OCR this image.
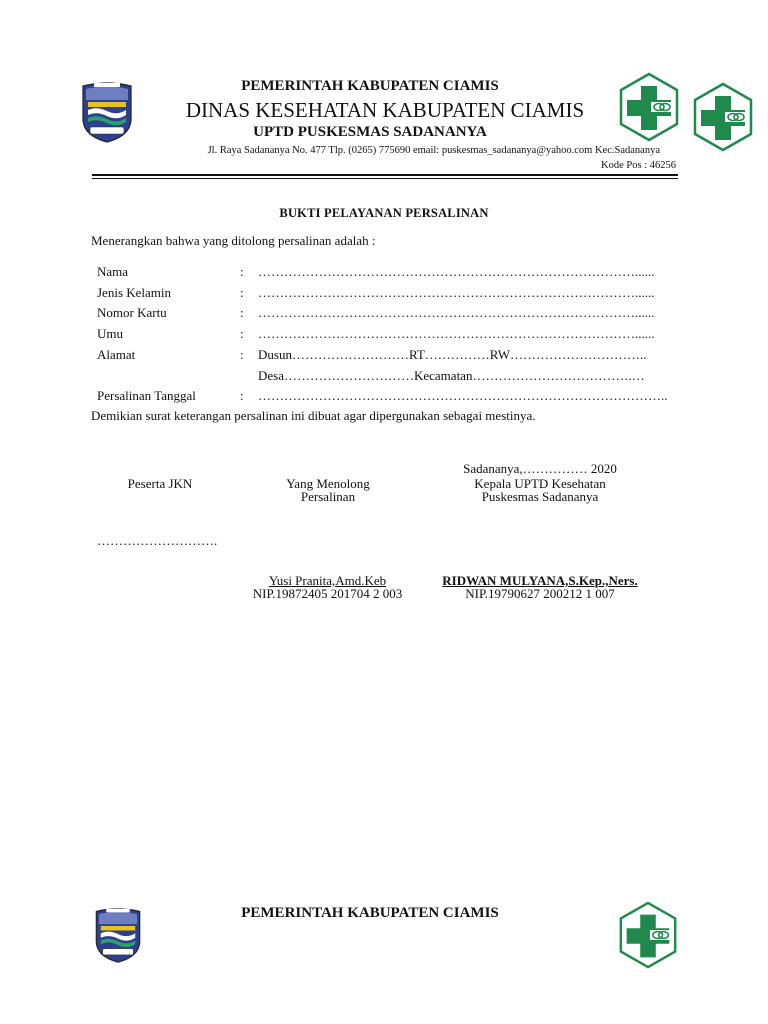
PEMERINTAH KABUPATEN CIAMIS
DINAS KESEHATAN KABUPATEN CIAMIS
UPTD PUSKESMAS SADANANYA
Jl. Raya Sadananya No. 477 Tlp. (0265) 775690 email: puskesmas_sadananya@yahoo.com Kec.Sadananya
Kode Pos : 46256
BUKTI PELAYANAN PERSALINAN
Menerangkan bahwa yang ditolong persalinan adalah :
Nama	: ……………………………………………………………………………......
Jenis Kelamin	: ……………………………………………………………………………......
Nomor Kartu	: ……………………………………………………………………………......
Umu	: ……………………………………………………………………………......
Alamat	: Dusun………………………RT……………RW…………………………..
Desa…………………………Kecamatan……………………………….…
Persalinan Tanggal	: …………………………………………………………………………………..
Demikian surat keterangan persalinan ini dibuat agar dipergunakan sebagai mestinya.
Sadananya,…………… 2020
Peserta JKN	Yang Menolong
Persalinan
Kepala UPTD Kesehatan
Puskesmas Sadananya
……………………….
Yusi Pranita,Amd.Keb
NIP.19872405 201704 2 003
RIDWAN MULYANA,S.Kep.,Ners.
NIP.19790627 200212 1 007
PEMERINTAH KABUPATEN CIAMIS
